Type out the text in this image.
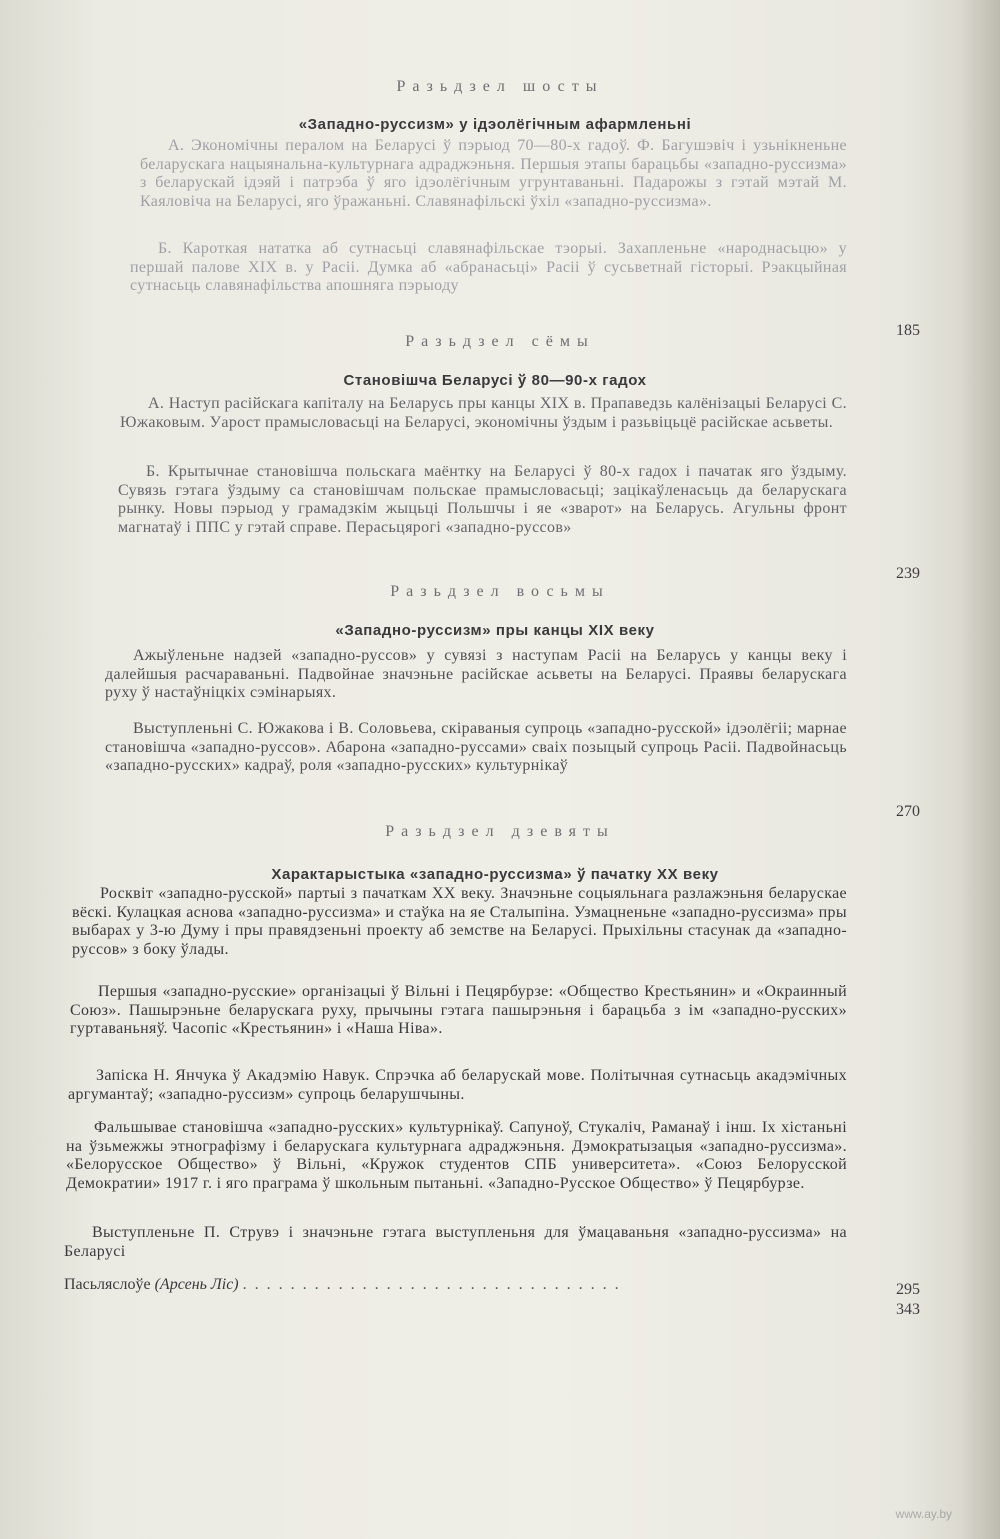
Разьдзел шосты
«Западно-руссизм» у ідэолёгічным афармленьні

А. Экономічны пералом на Беларусі ў пэрыод 70—80-х гадоў. Ф. Багушэвіч і узьнікненьне беларускага нацыянальна-культурнага адраджэньня. Першыя этапы барацьбы «западно-руссизма» з беларускай ідэяй і патрэба ў яго ідэолёгічным угрунтаваньні. Падарожы з гэтай мэтай М. Каяловіча на Беларусі, яго ўражаньні. Славянафільскі ўхіл «западно-руссизма».

Б. Кароткая нататка аб сутнасьці славянафільскае тэорыі. Захапленьне «народнасьцю» у першай палове XIX в. у Расіі. Думка аб «абранасьці» Расіі ў сусьветнай гісторыі. Рэакцыйная сутнасьць славянафільства апошняга пэрыоду

185
Разьдзел сёмы
Становішча Беларусі ў 80—90-х гадох

А. Наступ расійскага капіталу на Беларусь пры канцы XIX в. Прапаведзь калёнізацыі Беларусі С. Южаковым. Уарост прамысловасьці на Беларусі, экономічны ўздым і разьвіцьцё расійскае асьветы.

Б. Крытычнае становішча польскага маёнтку на Беларусі ў 80-х гадох і пачатак яго ўздыму. Сувязь гэтага ўздыму са становішчам польскае прамысловасьці; зацікаўленасьць да беларускага рынку. Новы пэрыод у грамадзкім жыцьці Польшчы і яе «зварот» на Беларусь. Агульны фронт магнатаў і ППС у гэтай справе. Перасьцярогі «западно-руссов»

239
Разьдзел восьмы
«Западно-руссизм» пры канцы XIX веку

Ажыўленьне надзей «западно-руссов» у сувязі з наступам Расіі на Беларусь у канцы веку і далейшыя расчараваньні. Падвойнае значэньне расійскае асьветы на Беларусі. Праявы беларускага руху ў настаўніцкіх сэмінарыях.

Выступленьні С. Южакова і В. Соловьева, скіраваныя супроць «западно-русской» ідэолёгіі; марнае становішча «западно-руссов». Абарона «западно-руссами» сваіх позыцый супроць Расіі. Падвойнасьць «западно-русских» кадраў, роля «западно-русских» культурнікаў

270
Разьдзел дзевяты
Характарыстыка «западно-руссизма» ў пачатку XX веку

Росквіт «западно-русской» партыі з пачаткам XX веку. Значэньне соцыяльнага разлажэньня беларускае вёскі. Кулацкая аснова «западно-руссизма» и стаўка на яе Сталыпіна. Узмацненьне «западно-руссизма» пры выбарах у 3-ю Думу і пры правядзеньні проекту аб земстве на Беларусі. Прыхільны стасунак да «западно-руссов» з боку ўлады.

Першыя «западно-русские» організацыі ў Вільні і Пецярбурзе: «Общество Крестьянин» и «Окраинный Союз». Пашырэньне беларускага руху, прычыны гэтага пашырэньня і барацьба з ім «западно-русских» гуртаваньняў. Часопіс «Крестьянин» і «Наша Ніва».

Запіска Н. Янчука ў Акадэмію Навук. Спрэчка аб беларускай мове. Політычная сутнасьць акадэмічных аргумантаў; «западно-руссизм» супроць беларушчыны.

Фальшывае становішча «западно-русских» культурнікаў. Сапуноў, Стукаліч, Раманаў і інш. Іх хістаньні на ўзьмежжы этнографізму і беларускага культурнага адраджэньня. Дэмократызацыя «западно-руссизма». «Белорусское Общество» ў Вільні, «Кружок студентов СПБ университета». «Союз Белорусской Демократии» 1917 г. і яго праграма ў школьным пытаньні. «Западно-Русское Общество» ў Пецярбурзе.

Выступленьне П. Струвэ і значэньне гэтага выступленьня для ўмацаваньня «западно-руссизма» на Беларусі

295
Пасьляслоўе (Арсень Ліс) . . . . . . . . . . . . . . . . . . . . . . . . . . . . . . . .
343
www.ay.by
